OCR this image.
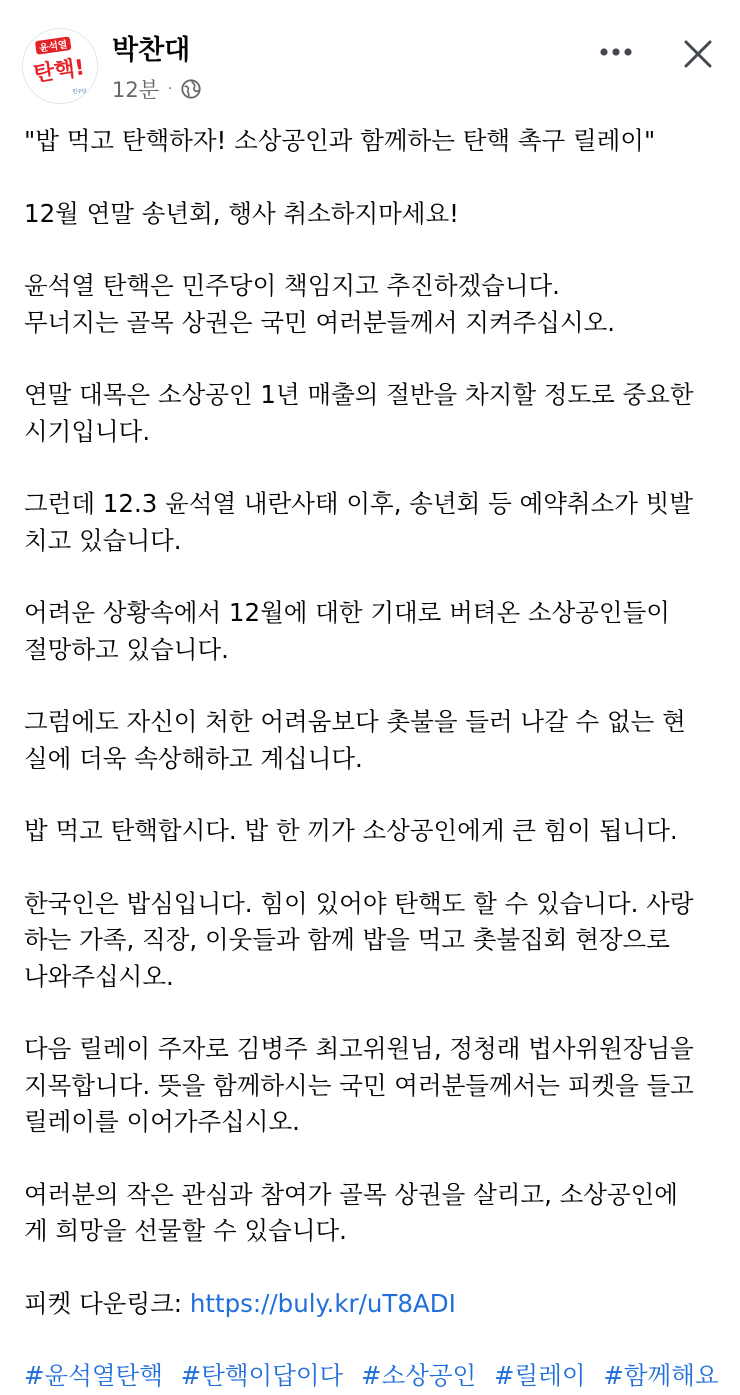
윤석열
탄핵!
민주당
박찬대
12분 ·

"밥 먹고 탄핵하자! 소상공인과 함께하는 탄핵 촉구 릴레이"

12월 연말 송년회, 행사 취소하지마세요!

윤석열 탄핵은 민주당이 책임지고 추진하겠습니다.
무너지는 골목 상권은 국민 여러분들께서 지켜주십시오.

연말 대목은 소상공인 1년 매출의 절반을 차지할 정도로 중요한
시기입니다.

그런데 12.3 윤석열 내란사태 이후, 송년회 등 예약취소가 빗발
치고 있습니다.

어려운 상황속에서 12월에 대한 기대로 버텨온 소상공인들이
절망하고 있습니다.

그럼에도 자신이 처한 어려움보다 촛불을 들러 나갈 수 없는 현
실에 더욱 속상해하고 계십니다.

밥 먹고 탄핵합시다. 밥 한 끼가 소상공인에게 큰 힘이 됩니다.

한국인은 밥심입니다. 힘이 있어야 탄핵도 할 수 있습니다. 사랑
하는 가족, 직장, 이웃들과 함께 밥을 먹고 촛불집회 현장으로
나와주십시오.

다음 릴레이 주자로 김병주 최고위원님, 정청래 법사위원장님을
지목합니다. 뜻을 함께하시는 국민 여러분들께서는 피켓을 들고
릴레이를 이어가주십시오.

여러분의 작은 관심과 참여가 골목 상권을 살리고, 소상공인에
게 희망을 선물할 수 있습니다.

피켓 다운링크: https://buly.kr/uT8ADI

#윤석열탄핵 #탄핵이답이다 #소상공인 #릴레이 #함께해요
